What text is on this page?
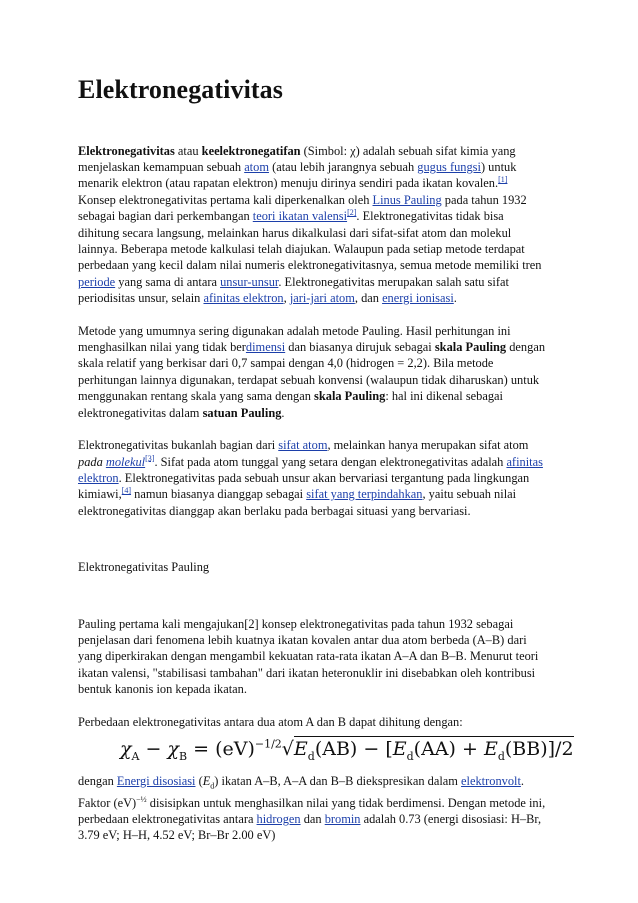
Elektronegativitas

Elektronegativitas atau keelektronegatifan (Simbol: χ) adalah sebuah sifat kimia yang menjelaskan kemampuan sebuah atom (atau lebih jarangnya sebuah gugus fungsi) untuk menarik elektron (atau rapatan elektron) menuju dirinya sendiri pada ikatan kovalen.[1] Konsep elektronegativitas pertama kali diperkenalkan oleh Linus Pauling pada tahun 1932 sebagai bagian dari perkembangan teori ikatan valensi[2]. Elektronegativitas tidak bisa dihitung secara langsung, melainkan harus dikalkulasi dari sifat-sifat atom dan molekul lainnya. Beberapa metode kalkulasi telah diajukan. Walaupun pada setiap metode terdapat perbedaan yang kecil dalam nilai numeris elektronegativitasnya, semua metode memiliki tren periode yang sama di antara unsur-unsur. Elektronegativitas merupakan salah satu sifat periodisitas unsur, selain afinitas elektron, jari-jari atom, dan energi ionisasi.

Metode yang umumnya sering digunakan adalah metode Pauling. Hasil perhitungan ini menghasilkan nilai yang tidak berdimensi dan biasanya dirujuk sebagai skala Pauling dengan skala relatif yang berkisar dari 0,7 sampai dengan 4,0 (hidrogen = 2,2). Bila metode perhitungan lainnya digunakan, terdapat sebuah konvensi (walaupun tidak diharuskan) untuk menggunakan rentang skala yang sama dengan skala Pauling: hal ini dikenal sebagai elektronegativitas dalam satuan Pauling.

Elektronegativitas bukanlah bagian dari sifat atom, melainkan hanya merupakan sifat atom pada molekul[3]. Sifat pada atom tunggal yang setara dengan elektronegativitas adalah afinitas elektron. Elektronegativitas pada sebuah unsur akan bervariasi tergantung pada lingkungan kimiawi,[4] namun biasanya dianggap sebagai sifat yang terpindahkan, yaitu sebuah nilai elektronegativitas dianggap akan berlaku pada berbagai situasi yang bervariasi.

Elektronegativitas Pauling

Pauling pertama kali mengajukan[2] konsep elektronegativitas pada tahun 1932 sebagai penjelasan dari fenomena lebih kuatnya ikatan kovalen antar dua atom berbeda (A–B) dari yang diperkirakan dengan mengambil kekuatan rata-rata ikatan A–A dan B–B. Menurut teori ikatan valensi, "stabilisasi tambahan" dari ikatan heteronuklir ini disebabkan oleh kontribusi bentuk kanonis ion kepada ikatan.

Perbedaan elektronegativitas antara dua atom A dan B dapat dihitung dengan:

$\chi_A - \chi_B = (eV)^{-1/2}√E_d(AB) - [E_d(AA) + E_d(BB)]/2$

dengan Energi disosiasi $(E_d)$ ikatan A–B, A–A dan B–B diekspresikan dalam elektronvolt. Faktor (eV)$^{-\frac{1}{2}}$ disisipkan untuk menghasilkan nilai yang tidak berdimensi. Dengan metode ini, perbedaan elektronegativitas antara hidrogen dan bromin adalah 0.73 (energi disosiasi: H–Br, 3.79 eV; H–H, 4.52 eV; Br–Br 2.00 eV)
